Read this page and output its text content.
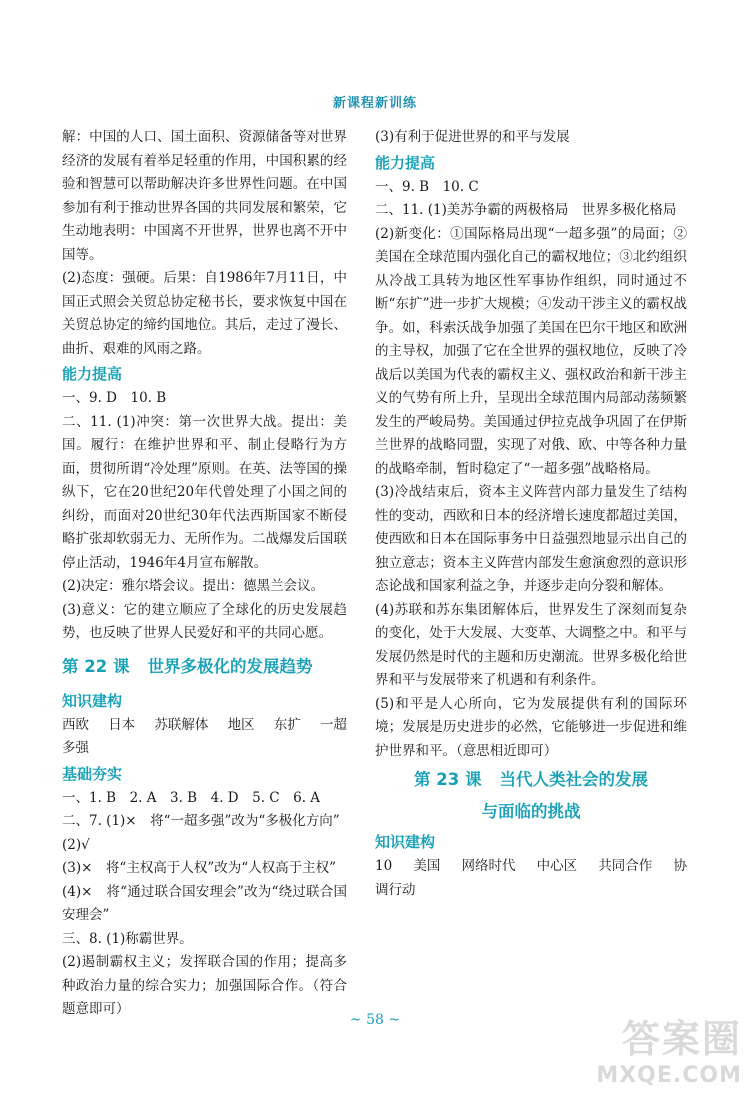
新课程新训练

解：中国的人口、国土面积、资源储备等对世界经济的发展有着举足轻重的作用，中国积累的经验和智慧可以帮助解决许多世界性问题。在中国参加有利于推动世界各国的共同发展和繁荣，它生动地表明：中国离不开世界，世界也离不开中国等。

(2)态度：强硬。后果：自1986年7月11日，中国正式照会关贸总协定秘书长，要求恢复中国在关贸总协定的缔约国地位。其后，走过了漫长、曲折、艰难的风雨之路。

能力提高

一、9. D　10. B

二、11. (1)冲突：第一次世界大战。提出：美国。履行：在维护世界和平、制止侵略行为方面，贯彻所谓“冷处理”原则。在英、法等国的操纵下，它在20世纪20年代曾处理了小国之间的纠纷，而面对20世纪30年代法西斯国家不断侵略扩张却软弱无力、无所作为。二战爆发后国联停止活动，1946年4月宣布解散。

(2)决定：雅尔塔会议。提出：德黑兰会议。

(3)意义：它的建立顺应了全球化的历史发展趋势，也反映了世界人民爱好和平的共同心愿。

第 22 课 世界多极化的发展趋势
知识建构

西欧 日本 苏联解体 地区 东扩 一超

多强

基础夯实

一、1. B　2. A　3. B　4. D　5. C　6. A

二、7. (1)×　将“一超多强”改为“多极化方向”

(2)√

(3)×　将“主权高于人权”改为“人权高于主权”

(4)×　将“通过联合国安理会”改为“绕过联合国安理会”

三、8. (1)称霸世界。

(2)遏制霸权主义；发挥联合国的作用；提高多种政治力量的综合实力；加强国际合作。（符合题意即可）

(3)有利于促进世界的和平与发展

能力提高

一、9. B　10. C

二、11. (1)美苏争霸的两极格局　世界多极化格局

(2)新变化：①国际格局出现“一超多强”的局面；②美国在全球范围内强化自己的霸权地位；③北约组织从冷战工具转为地区性军事协作组织，同时通过不断“东扩”进一步扩大规模；④发动干涉主义的霸权战争。如，科索沃战争加强了美国在巴尔干地区和欧洲的主导权，加强了它在全世界的强权地位，反映了冷战后以美国为代表的霸权主义、强权政治和新干涉主义的气势有所上升，呈现出全球范围内局部动荡频繁发生的严峻局势。美国通过伊拉克战争巩固了在伊斯兰世界的战略同盟，实现了对俄、欧、中等各种力量的战略牵制，暂时稳定了“一超多强”战略格局。

(3)冷战结束后，资本主义阵营内部力量发生了结构性的变动，西欧和日本的经济增长速度都超过美国，使西欧和日本在国际事务中日益强烈地显示出自己的独立意志；资本主义阵营内部发生愈演愈烈的意识形态论战和国家利益之争，并逐步走向分裂和解体。

(4)苏联和苏东集团解体后，世界发生了深刻而复杂的变化，处于大发展、大变革、大调整之中。和平与发展仍然是时代的主题和历史潮流。世界多极化给世界和平与发展带来了机遇和有利条件。

(5)和平是人心所向，它为发展提供有利的国际环境；发展是历史进步的必然，它能够进一步促进和维护世界和平。（意思相近即可）

第 23 课 当代人类社会的发展
与面临的挑战
知识建构

10 美国 网络时代 中心区 共同合作 协

调行动

~ 58 ~	答案圈
MXQE.COM
